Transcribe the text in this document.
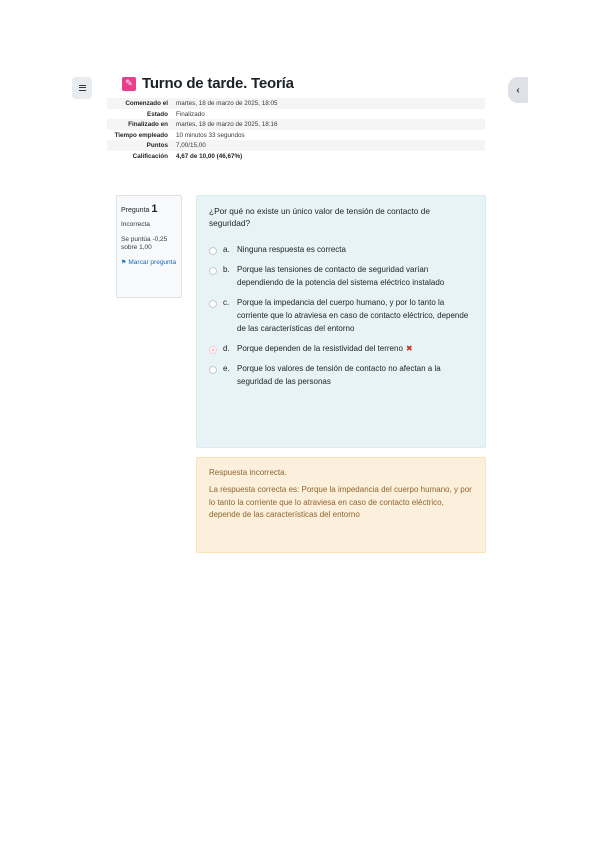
‹
✎ Turno de tarde. Teoría
Comenzado el	martes, 18 de marzo de 2025, 18:05
Estado	Finalizado
Finalizado en	martes, 18 de marzo de 2025, 18:16
Tiempo empleado	10 minutos 33 segundos
Puntos	7,00/15,00
Calificación	4,67 de 10,00 (46,67%)
Pregunta 1
Incorrecta
Se puntúa -0,25 sobre 1,00
⚑ Marcar pregunta
¿Por qué no existe un único valor de tensión de contacto de seguridad?
a. Ninguna respuesta es correcta
b. Porque las tensiones de contacto de seguridad varían dependiendo de la potencia del sistema eléctrico instalado
c. Porque la impedancia del cuerpo humano, y por lo tanto la corriente que lo atraviesa en caso de contacto eléctrico, depende de las características del entorno
d. Porque dependen de la resistividad del terreno ✖
e. Porque los valores de tensión de contacto no afectan a la seguridad de las personas
Respuesta incorrecta.
La respuesta correcta es: Porque la impedancia del cuerpo humano, y por lo tanto la corriente que lo atraviesa en caso de contacto eléctrico, depende de las características del entorno
